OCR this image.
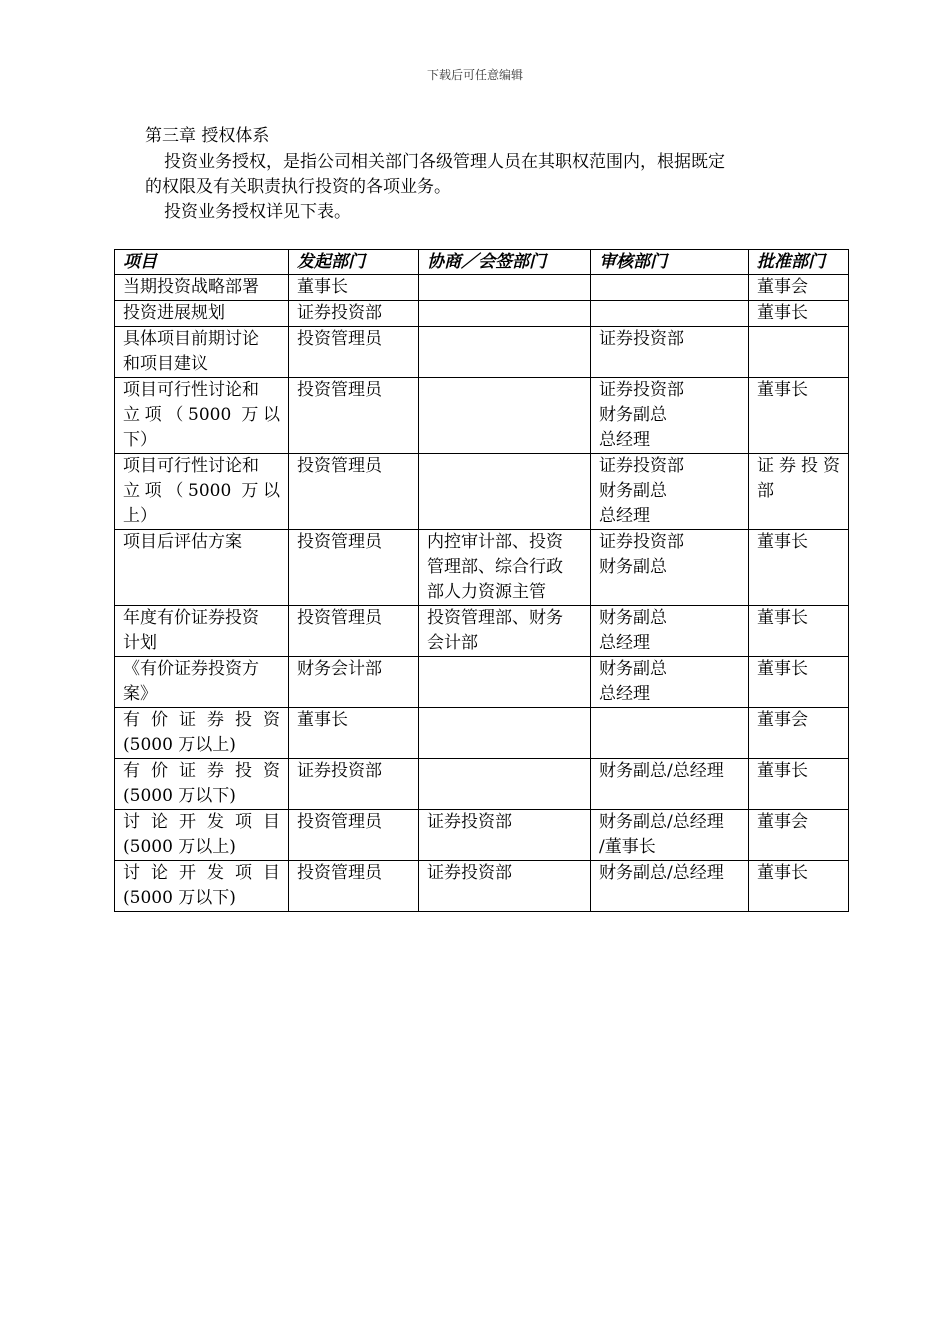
下载后可任意编辑
第三章 授权体系
投资业务授权，是指公司相关部门各级管理人员在其职权范围内，根据既定
的权限及有关职责执行投资的各项业务。
投资业务授权详见下表。
项目	发起部门	协商／会签部门	审核部门	批准部门

当期投资战略部署	董事长			董事会

投资进展规划	证券投资部			董事长

具体项目前期讨论
和项目建议	投资管理员		证券投资部	

项目可行性讨论和
立项（5000 万以
下）	投资管理员		证券投资部
财务副总
总经理	董事长

项目可行性讨论和
立项（5000 万以
上）	投资管理员		证券投资部
财务副总
总经理	证券投资
部

项目后评估方案	投资管理员	内控审计部、投资
管理部、综合行政
部人力资源主管	证券投资部
财务副总	董事长

年度有价证券投资
计划	投资管理员	投资管理部、财务
会计部	财务副总
总经理	董事长

《有价证券投资方
案》	财务会计部		财务副总
总经理	董事长

有价证券投资
(5000 万以上)	董事长			董事会

有价证券投资
(5000 万以下)	证券投资部		财务副总/总经理	董事长

讨论开发项目
(5000 万以上)	投资管理员	证券投资部	财务副总/总经理
/董事长	董事会

讨论开发项目
(5000 万以下)	投资管理员	证券投资部	财务副总/总经理	董事长
